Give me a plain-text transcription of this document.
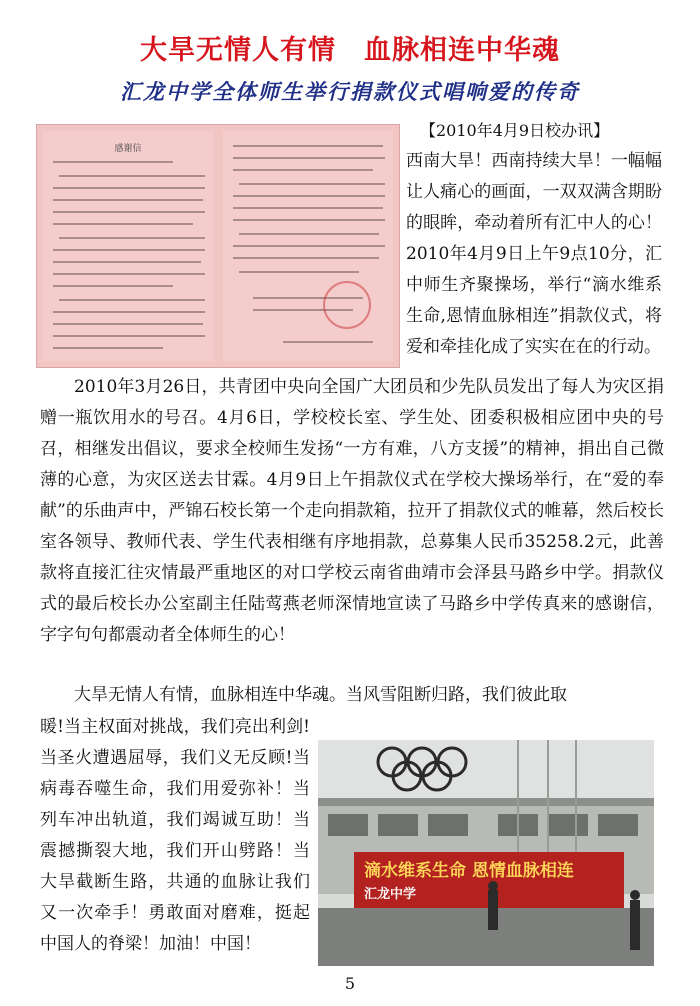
大旱无情人有情 血脉相连中华魂
汇龙中学全体师生举行捐款仪式唱响爱的传奇
感谢信
【2010年4月9日校办讯】
西南大旱！西南持续大旱！一幅幅让人痛心的画面，一双双满含期盼的眼眸，牵动着所有汇中人的心！2010年4月9日上午9点10分，汇中师生齐聚操场，举行“滴水维系生命,恩情血脉相连”捐款仪式，将爱和牵挂化成了实实在在的行动。
2010年3月26日，共青团中央向全国广大团员和少先队员发出了每人为灾区捐赠一瓶饮用水的号召。4月6日，学校校长室、学生处、团委积极相应团中央的号召，相继发出倡议，要求全校师生发扬“一方有难，八方支援”的精神，捐出自己微薄的心意，为灾区送去甘霖。4月9日上午捐款仪式在学校大操场举行，在“爱的奉献”的乐曲声中，严锦石校长第一个走向捐款箱，拉开了捐款仪式的帷幕，然后校长室各领导、教师代表、学生代表相继有序地捐款，总募集人民币35258.2元，此善款将直接汇往灾情最严重地区的对口学校云南省曲靖市会泽县马路乡中学。捐款仪式的最后校长办公室副主任陆莺燕老师深情地宣读了马路乡中学传真来的感谢信，字字句句都震动者全体师生的心！
大旱无情人有情，血脉相连中华魂。当风雪阻断归路，我们彼此取
暖!当主权面对挑战，我们亮出利剑!当圣火遭遇屈辱，我们义无反顾!当病毒吞噬生命，我们用爱弥补！当列车冲出轨道，我们竭诚互助！当震撼撕裂大地，我们开山劈路！当大旱截断生路，共通的血脉让我们又一次牵手！勇敢面对磨难，挺起中国人的脊梁！加油！中国！
滴水维系生命 恩情血脉相连
汇龙中学
5
